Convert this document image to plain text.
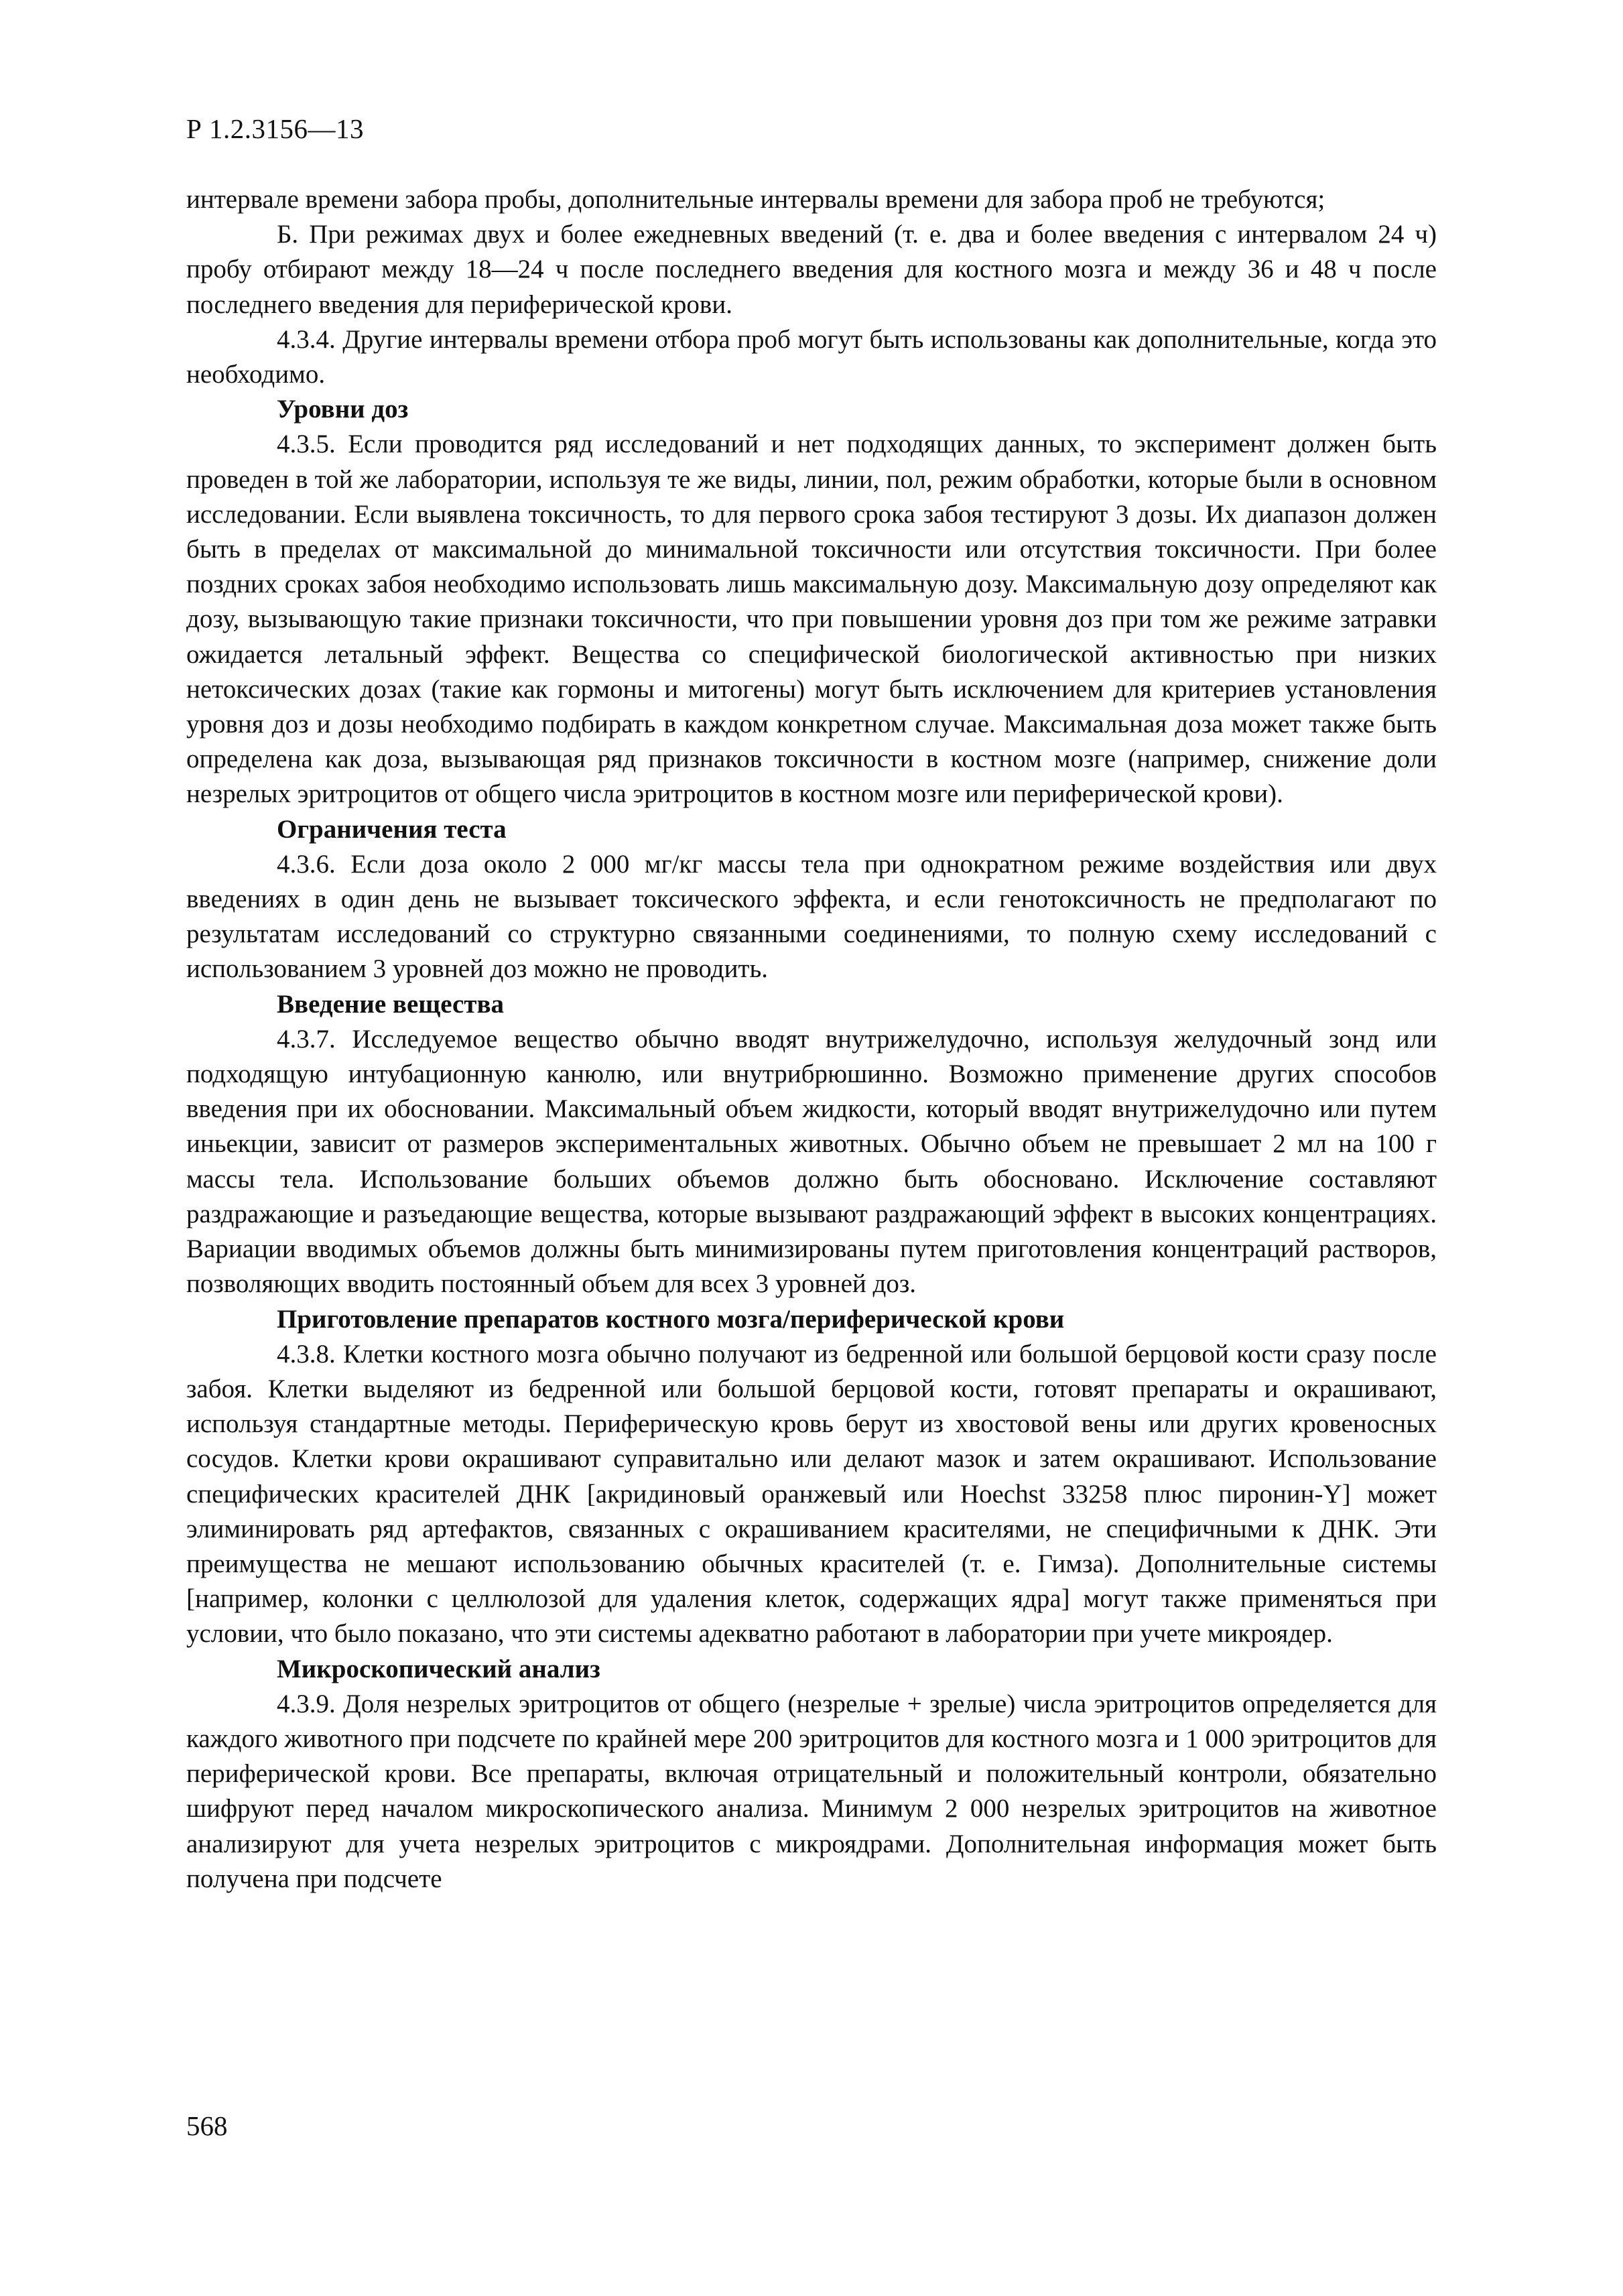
Р 1.2.3156—13

интервале времени забора пробы, дополнительные интервалы времени для забора проб не требуются;

Б. При режимах двух и более ежедневных введений (т. е. два и более введения с интервалом 24 ч) пробу отбирают между 18—24 ч после последнего введения для костного мозга и между 36 и 48 ч после последнего введения для периферической крови.

4.3.4. Другие интервалы времени отбора проб могут быть использованы как дополнительные, когда это необходимо.

Уровни доз

4.3.5. Если проводится ряд исследований и нет подходящих данных, то эксперимент должен быть проведен в той же лаборатории, используя те же виды, линии, пол, режим обработки, которые были в основном исследовании. Если выявлена токсичность, то для первого срока забоя тестируют 3 дозы. Их диапазон должен быть в пределах от максимальной до минимальной токсичности или отсутствия токсичности. При более поздних сроках забоя необходимо использовать лишь максимальную дозу. Максимальную дозу определяют как дозу, вызывающую такие признаки токсичности, что при повышении уровня доз при том же режиме затравки ожидается летальный эффект. Вещества со специфической биологической активностью при низких нетоксических дозах (такие как гормоны и митогены) могут быть исключением для критериев установления уровня доз и дозы необходимо подбирать в каждом конкретном случае. Максимальная доза может также быть определена как доза, вызывающая ряд признаков токсичности в костном мозге (например, снижение доли незрелых эритроцитов от общего числа эритроцитов в костном мозге или периферической крови).

Ограничения теста

4.3.6. Если доза около 2 000 мг/кг массы тела при однократном режиме воздействия или двух введениях в один день не вызывает токсического эффекта, и если генотоксичность не предполагают по результатам исследований со структурно связанными соединениями, то полную схему исследований с использованием 3 уровней доз можно не проводить.

Введение вещества

4.3.7. Исследуемое вещество обычно вводят внутрижелудочно, используя желудочный зонд или подходящую интубационную канюлю, или внутрибрюшинно. Возможно применение других способов введения при их обосновании. Максимальный объем жидкости, который вводят внутрижелудочно или путем иньекции, зависит от размеров экспериментальных животных. Обычно объем не превышает 2 мл на 100 г массы тела. Использование больших объемов должно быть обосновано. Исключение составляют раздражающие и разъедающие вещества, которые вызывают раздражающий эффект в высоких концентрациях. Вариации вводимых объемов должны быть минимизированы путем приготовления концентраций растворов, позволяющих вводить постоянный объем для всех 3 уровней доз.

Приготовление препаратов костного мозга/периферической крови

4.3.8. Клетки костного мозга обычно получают из бедренной или большой берцовой кости сразу после забоя. Клетки выделяют из бедренной или большой берцовой кости, готовят препараты и окрашивают, используя стандартные методы. Периферическую кровь берут из хвостовой вены или других кровеносных сосудов. Клетки крови окрашивают суправитально или делают мазок и затем окрашивают. Использование специфических красителей ДНК [акридиновый оранжевый или Hoechst 33258 плюс пиронин-Y] может элиминировать ряд артефактов, связанных с окрашиванием красителями, не специфичными к ДНК. Эти преимущества не мешают использованию обычных красителей (т. е. Гимза). Дополнительные системы [например, колонки с целлюлозой для удаления клеток, содержащих ядра] могут также применяться при условии, что было показано, что эти системы адекватно работают в лаборатории при учете микроядер.

Микроскопический анализ

4.3.9. Доля незрелых эритроцитов от общего (незрелые + зрелые) числа эритроцитов определяется для каждого животного при подсчете по крайней мере 200 эритроцитов для костного мозга и 1 000 эритроцитов для периферической крови. Все препараты, включая отрицательный и положительный контроли, обязательно шифруют перед началом микроскопического анализа. Минимум 2 000 незрелых эритроцитов на животное анализируют для учета незрелых эритроцитов с микроядрами. Дополнительная информация может быть получена при подсчете

568
